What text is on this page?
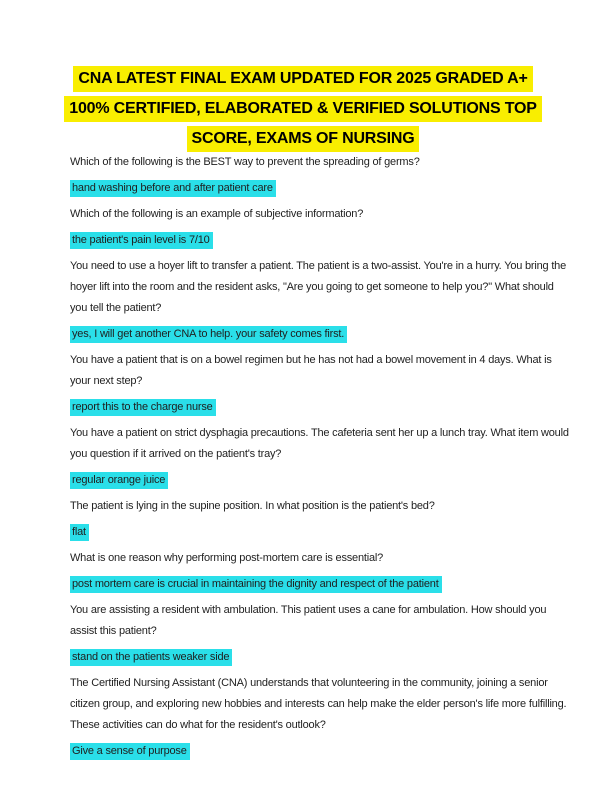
CNA LATEST FINAL EXAM UPDATED FOR 2025 GRADED A+
100% CERTIFIED, ELABORATED & VERIFIED SOLUTIONS TOP
SCORE, EXAMS OF NURSING

Which of the following is the BEST way to prevent the spreading of germs?

hand washing before and after patient care

Which of the following is an example of subjective information?

the patient's pain level is 7/10

You need to use a hoyer lift to transfer a patient. The patient is a two-assist. You're in a hurry. You bring the hoyer lift into the room and the resident asks, "Are you going to get someone to help you?" What should you tell the patient?

yes, I will get another CNA to help. your safety comes first.

You have a patient that is on a bowel regimen but he has not had a bowel movement in 4 days. What is your next step?

report this to the charge nurse

You have a patient on strict dysphagia precautions. The cafeteria sent her up a lunch tray. What item would you question if it arrived on the patient's tray?

regular orange juice

The patient is lying in the supine position. In what position is the patient's bed?

flat

What is one reason why performing post-mortem care is essential?

post mortem care is crucial in maintaining the dignity and respect of the patient

You are assisting a resident with ambulation. This patient uses a cane for ambulation. How should you assist this patient?

stand on the patients weaker side

The Certified Nursing Assistant (CNA) understands that volunteering in the community, joining a senior citizen group, and exploring new hobbies and interests can help make the elder person's life more fulfilling. These activities can do what for the resident's outlook?

Give a sense of purpose
